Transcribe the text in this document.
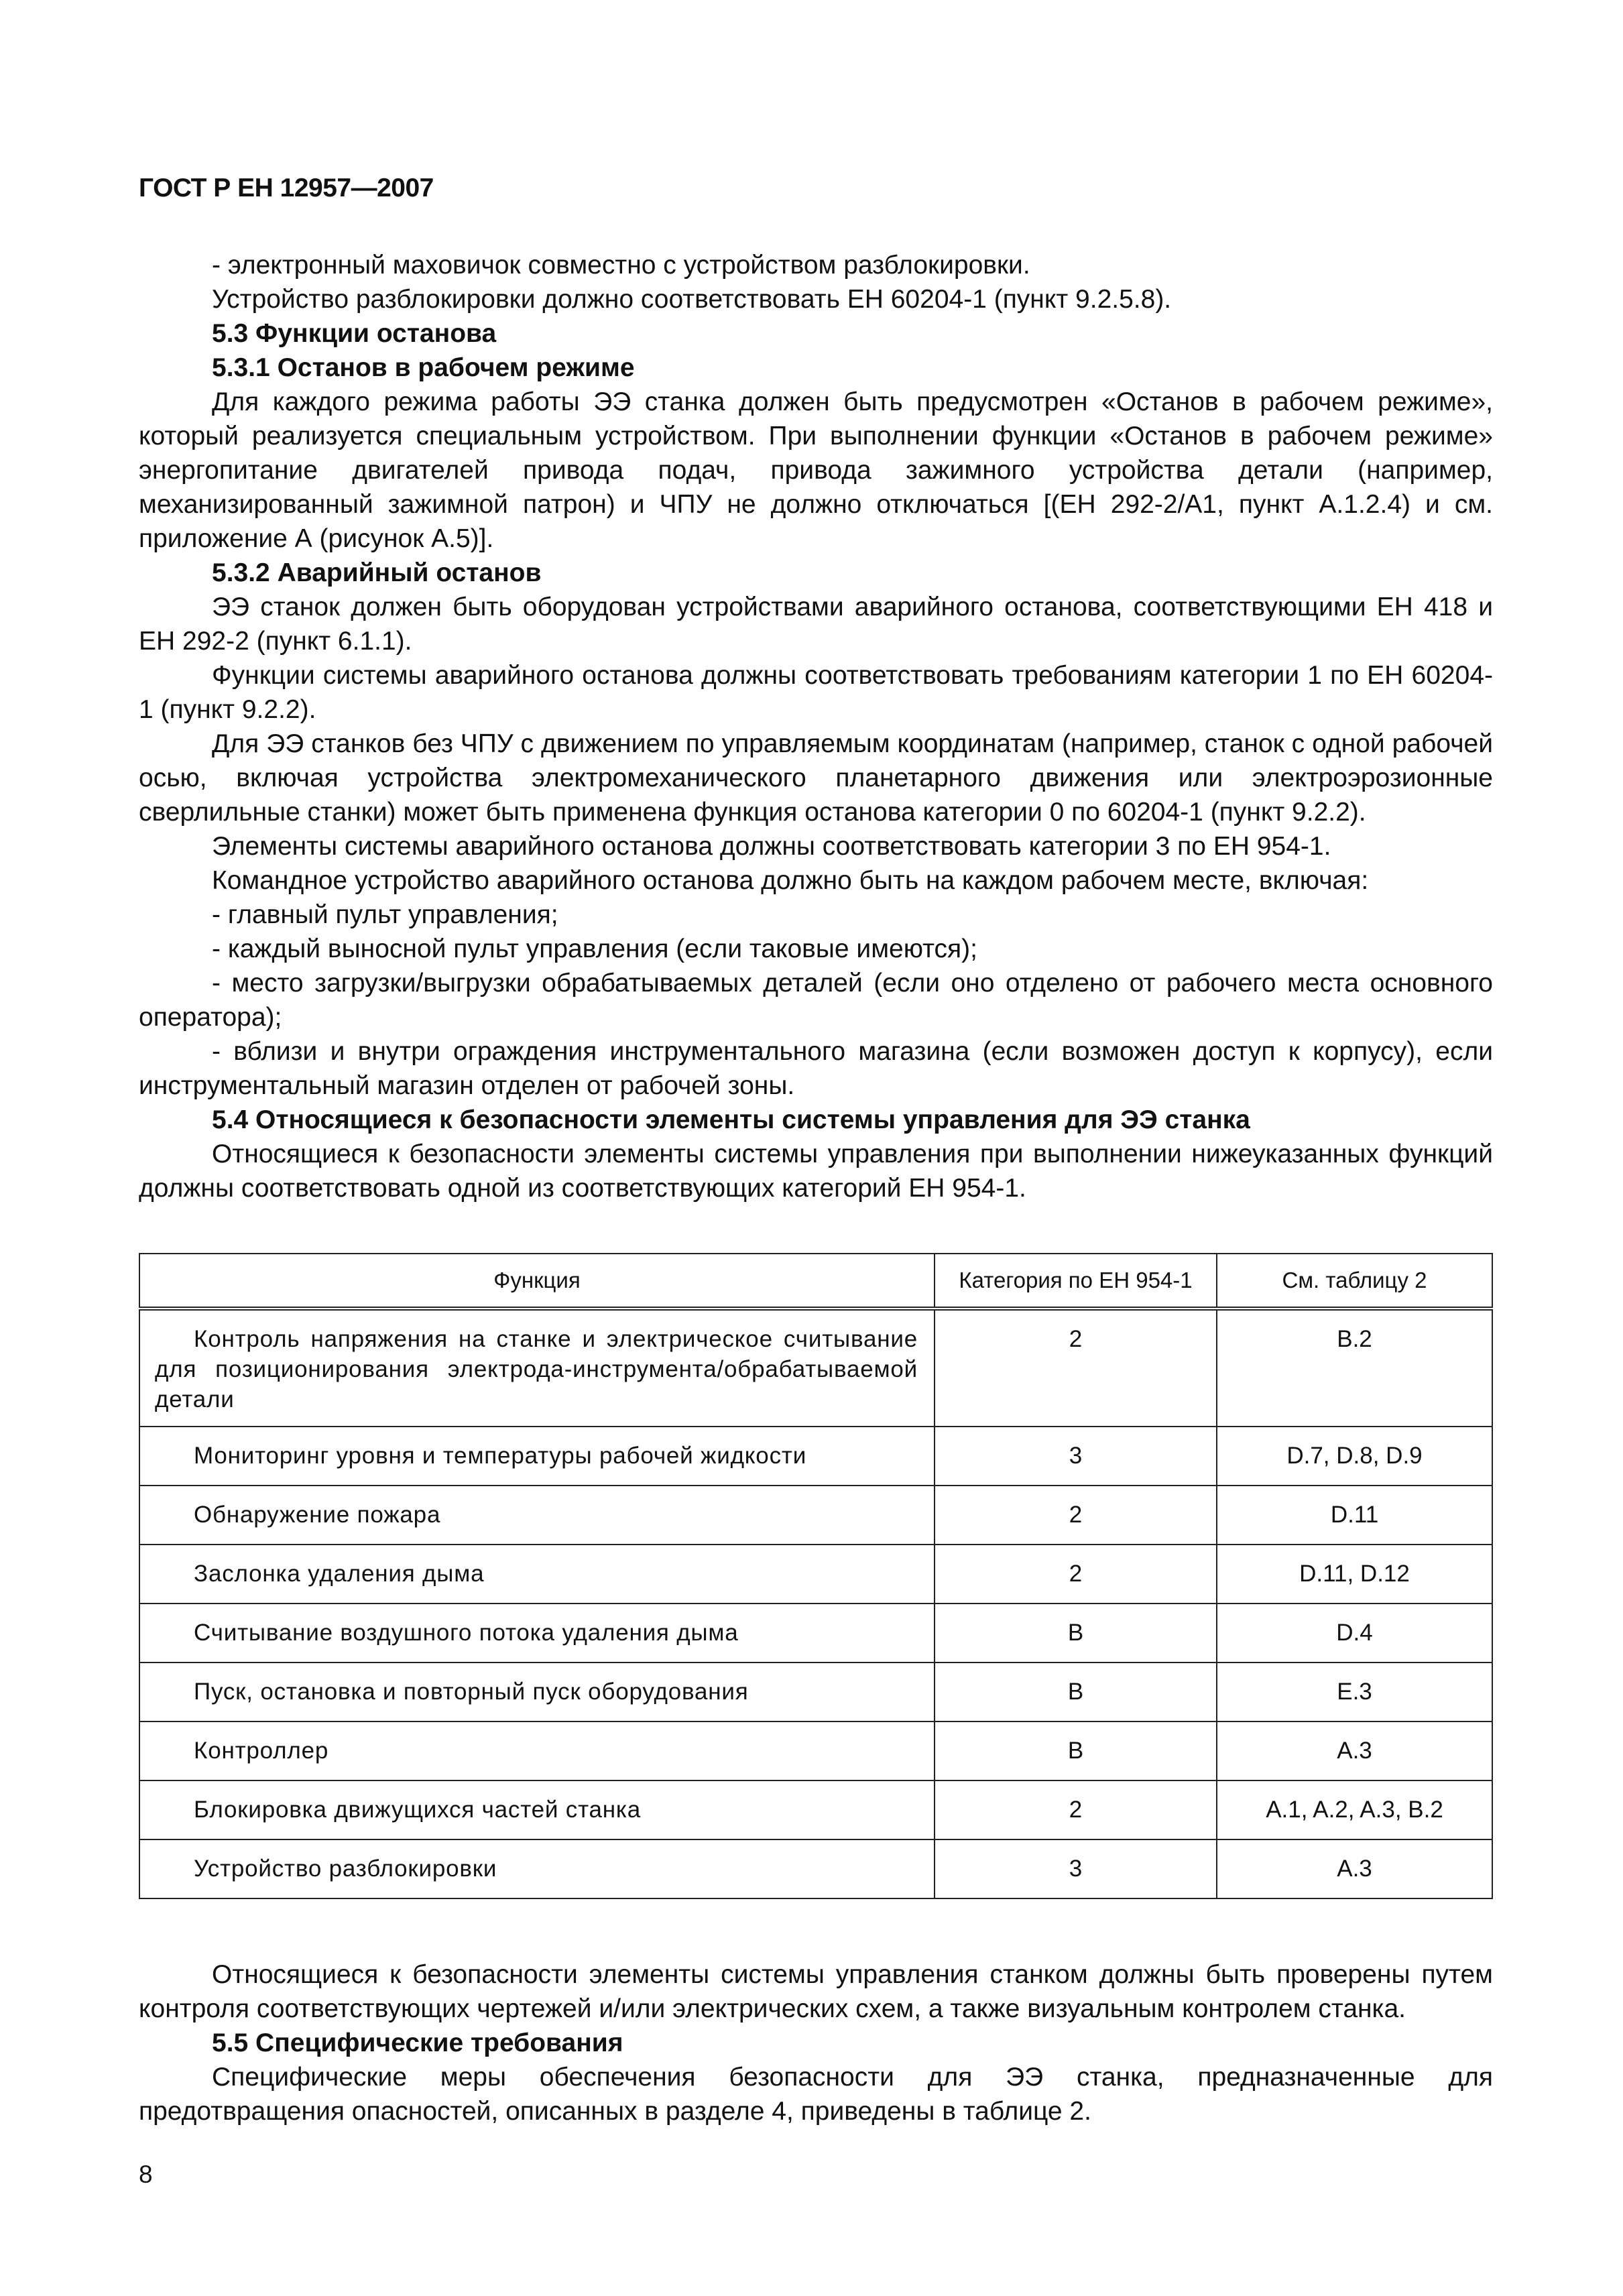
ГОСТ Р ЕН 12957—2007

- электронный маховичок совместно с устройством разблокировки.

Устройство разблокировки должно соответствовать ЕН 60204-1 (пункт 9.2.5.8).

5.3 Функции останова

5.3.1 Останов в рабочем режиме

Для каждого режима работы ЭЭ станка должен быть предусмотрен «Останов в рабочем режиме», который реализуется специальным устройством. При выполнении функции «Останов в рабочем режиме» энергопитание двигателей привода подач, привода зажимного устройства детали (например, механизированный зажимной патрон) и ЧПУ не должно отключаться [(ЕН 292-2/А1, пункт А.1.2.4) и см. приложение А (рисунок А.5)].

5.3.2 Аварийный останов

ЭЭ станок должен быть оборудован устройствами аварийного останова, соответствующими ЕН 418 и ЕН 292-2 (пункт 6.1.1).

Функции системы аварийного останова должны соответствовать требованиям категории 1 по ЕН 60204-1 (пункт 9.2.2).

Для ЭЭ станков без ЧПУ с движением по управляемым координатам (например, станок с одной рабочей осью, включая устройства электромеханического планетарного движения или электроэрозионные сверлильные станки) может быть применена функция останова категории 0 по 60204-1 (пункт 9.2.2).

Элементы системы аварийного останова должны соответствовать категории 3 по ЕН 954-1.

Командное устройство аварийного останова должно быть на каждом рабочем месте, включая:

- главный пульт управления;

- каждый выносной пульт управления (если таковые имеются);

- место загрузки/выгрузки обрабатываемых деталей (если оно отделено от рабочего места основного оператора);

- вблизи и внутри ограждения инструментального магазина (если возможен доступ к корпусу), если инструментальный магазин отделен от рабочей зоны.

5.4 Относящиеся к безопасности элементы системы управления для ЭЭ станка

Относящиеся к безопасности элементы системы управления при выполнении нижеуказанных функций должны соответствовать одной из соответствующих категорий ЕН 954-1.

Функция	Категория по ЕН 954-1	См. таблицу 2
Контроль напряжения на станке и электрическое считывание для позиционирования электрода-инструмента/обрабатываемой детали	2	B.2
Мониторинг уровня и температуры рабочей жидкости	3	D.7, D.8, D.9
Обнаружение пожара	2	D.11
Заслонка удаления дыма	2	D.11, D.12
Считывание воздушного потока удаления дыма	B	D.4
Пуск, остановка и повторный пуск оборудования	B	E.3
Контроллер	B	A.3
Блокировка движущихся частей станка	2	A.1, A.2, A.3, B.2
Устройство разблокировки	3	A.3

Относящиеся к безопасности элементы системы управления станком должны быть проверены путем контроля соответствующих чертежей и/или электрических схем, а также визуальным контролем станка.

5.5 Специфические требования

Специфические меры обеспечения безопасности для ЭЭ станка, предназначенные для предотвращения опасностей, описанных в разделе 4, приведены в таблице 2.

8
